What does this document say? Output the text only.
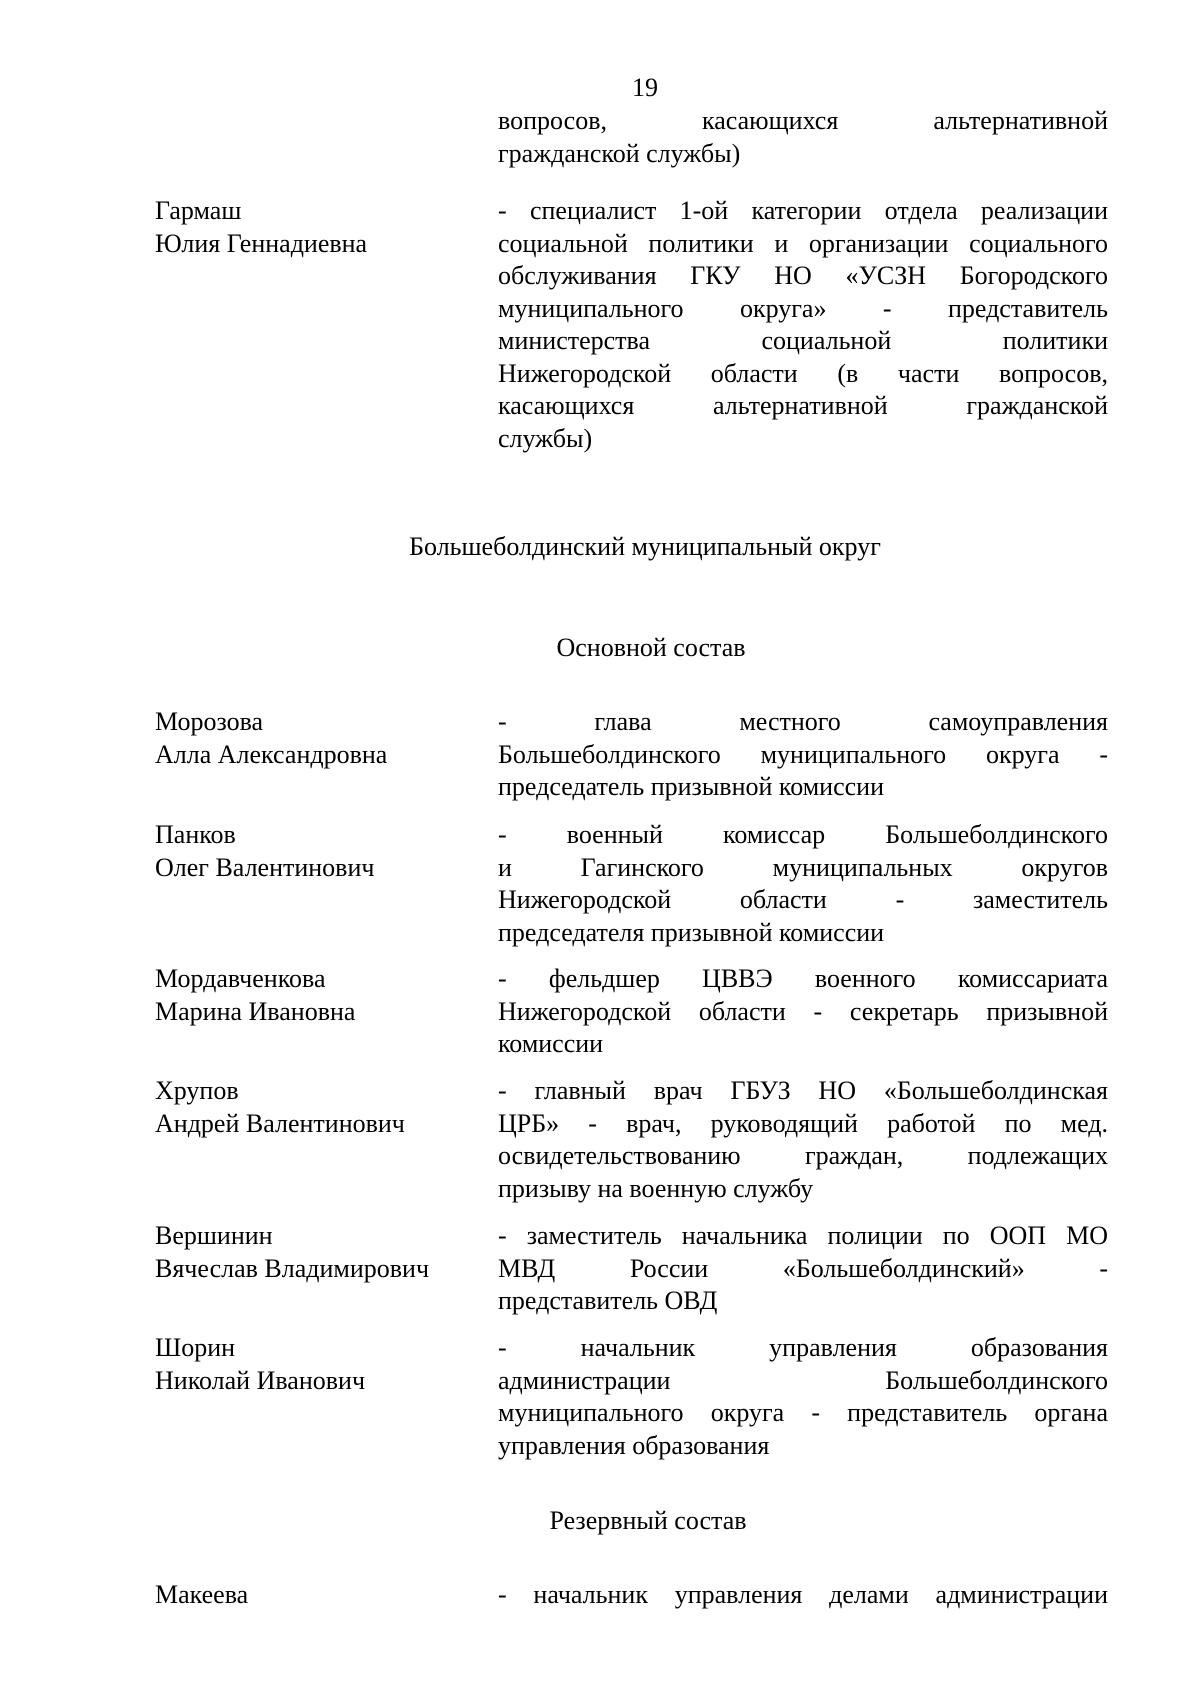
19
вопросов, касающихся альтернативной
гражданской службы)
Гармаш
Юлия Геннадиевна
- специалист 1-ой категории отдела реализации
социальной политики и организации социального
обслуживания ГКУ НО «УСЗН Богородского
муниципального округа» - представитель
министерства социальной политики
Нижегородской области (в части вопросов,
касающихся альтернативной гражданской
службы)
Большеболдинский муниципальный округ
Основной состав
Морозова
Алла Александровна
- глава местного самоуправления
Большеболдинского муниципального округа -
председатель призывной комиссии
Панков
Олег Валентинович
- военный комиссар Большеболдинского
и Гагинского муниципальных округов
Нижегородской области - заместитель
председателя призывной комиссии
Мордавченкова
Марина Ивановна
- фельдшер ЦВВЭ военного комиссариата
Нижегородской области - секретарь призывной
комиссии
Хрупов
Андрей Валентинович
- главный врач ГБУЗ НО «Большеболдинская
ЦРБ» - врач, руководящий работой по мед.
освидетельствованию граждан, подлежащих
призыву на военную службу
Вершинин
Вячеслав Владимирович
- заместитель начальника полиции по ООП МО
МВД России «Большеболдинский» -
представитель ОВД
Шорин
Николай Иванович
- начальник управления образования
администрации Большеболдинского
муниципального округа - представитель органа
управления образования
Резервный состав
Макеева	- начальник управления делами администрации
